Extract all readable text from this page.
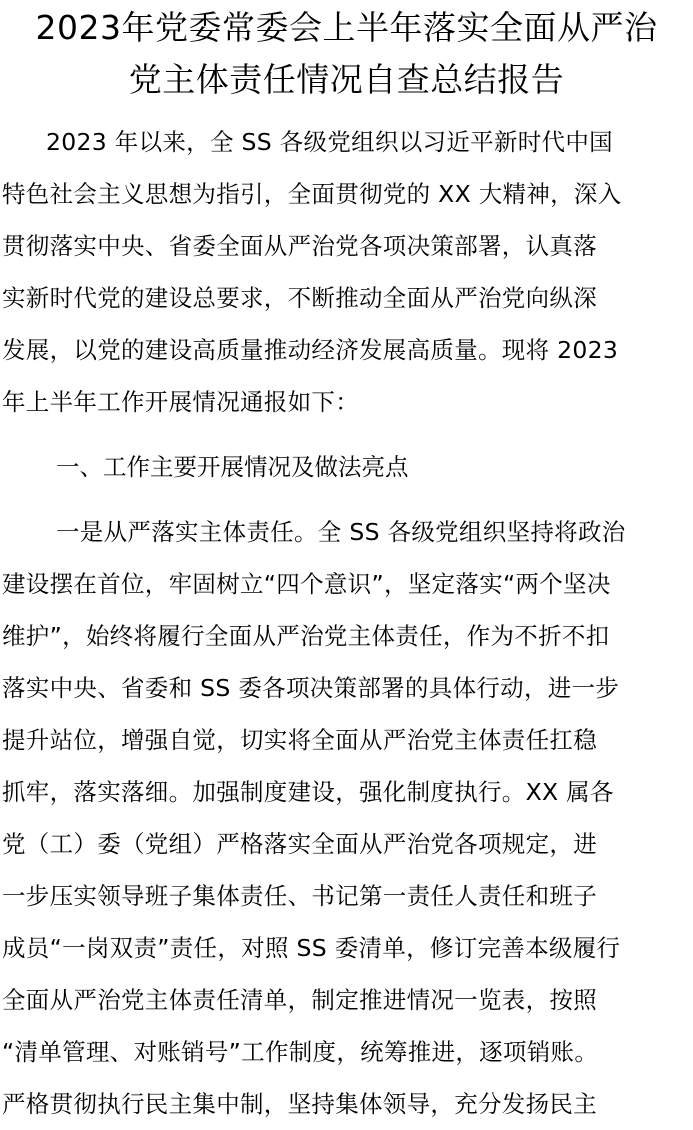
2023年党委常委会上半年落实全面从严治
党主体责任情况自查总结报告

2023 年以来，全 SS 各级党组织以习近平新时代中国
特色社会主义思想为指引，全面贯彻党的 XX 大精神，深入
贯彻落实中央、省委全面从严治党各项决策部署，认真落
实新时代党的建设总要求，不断推动全面从严治党向纵深
发展，以党的建设高质量推动经济发展高质量。现将 2023
年上半年工作开展情况通报如下：

一、工作主要开展情况及做法亮点

一是从严落实主体责任。全 SS 各级党组织坚持将政治
建设摆在首位，牢固树立“四个意识”，坚定落实“两个坚决
维护”，始终将履行全面从严治党主体责任，作为不折不扣
落实中央、省委和 SS 委各项决策部署的具体行动，进一步
提升站位，增强自觉，切实将全面从严治党主体责任扛稳
抓牢，落实落细。加强制度建设，强化制度执行。XX 属各
党（工）委（党组）严格落实全面从严治党各项规定，进
一步压实领导班子集体责任、书记第一责任人责任和班子
成员“一岗双责”责任，对照 SS 委清单，修订完善本级履行
全面从严治党主体责任清单，制定推进情况一览表，按照
“清单管理、对账销号”工作制度，统筹推进，逐项销账。
严格贯彻执行民主集中制，坚持集体领导，充分发扬民主
